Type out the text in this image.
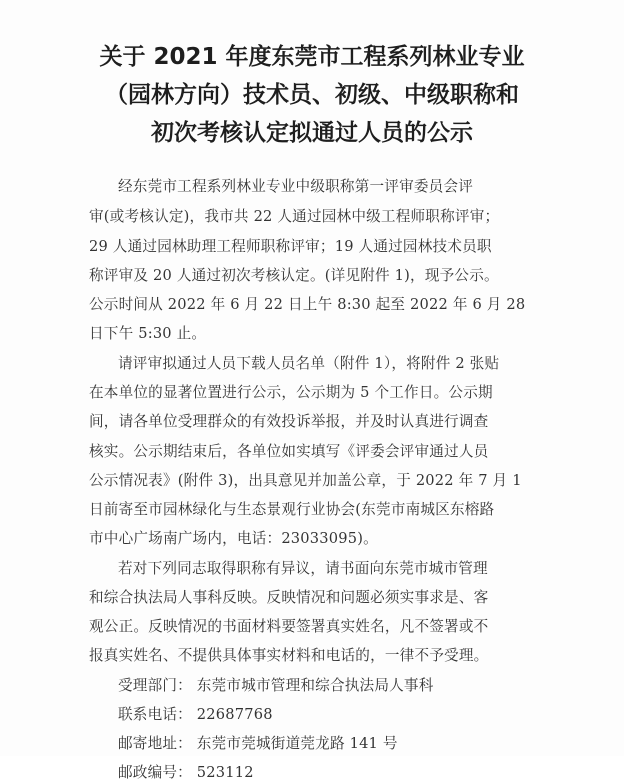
关于 2021 年度东莞市工程系列林业专业
（园林方向）技术员、初级、中级职称和
初次考核认定拟通过人员的公示
经东莞市工程系列林业专业中级职称第一评审委员会评
审(或考核认定)，我市共 22 人通过园林中级工程师职称评审；
29 人通过园林助理工程师职称评审；19 人通过园林技术员职
称评审及 20 人通过初次考核认定。(详见附件 1)，现予公示。
公示时间从 2022 年 6 月 22 日上午 8:30 起至 2022 年 6 月 28
日下午 5:30 止。
请评审拟通过人员下载人员名单（附件 1），将附件 2 张贴
在本单位的显著位置进行公示，公示期为 5 个工作日。公示期
间，请各单位受理群众的有效投诉举报，并及时认真进行调查
核实。公示期结束后，各单位如实填写《评委会评审通过人员
公示情况表》(附件 3)，出具意见并加盖公章，于 2022 年 7 月 1
日前寄至市园林绿化与生态景观行业协会(东莞市南城区东榕路
市中心广场南广场内，电话：23033095)。
若对下列同志取得职称有异议，请书面向东莞市城市管理
和综合执法局人事科反映。反映情况和问题必须实事求是、客
观公正。反映情况的书面材料要签署真实姓名，凡不签署或不
报真实姓名、不提供具体事实材料和电话的，一律不予受理。
受理部门： 东莞市城市管理和综合执法局人事科
联系电话： 22687768
邮寄地址： 东莞市莞城街道莞龙路 141 号
邮政编号： 523112
